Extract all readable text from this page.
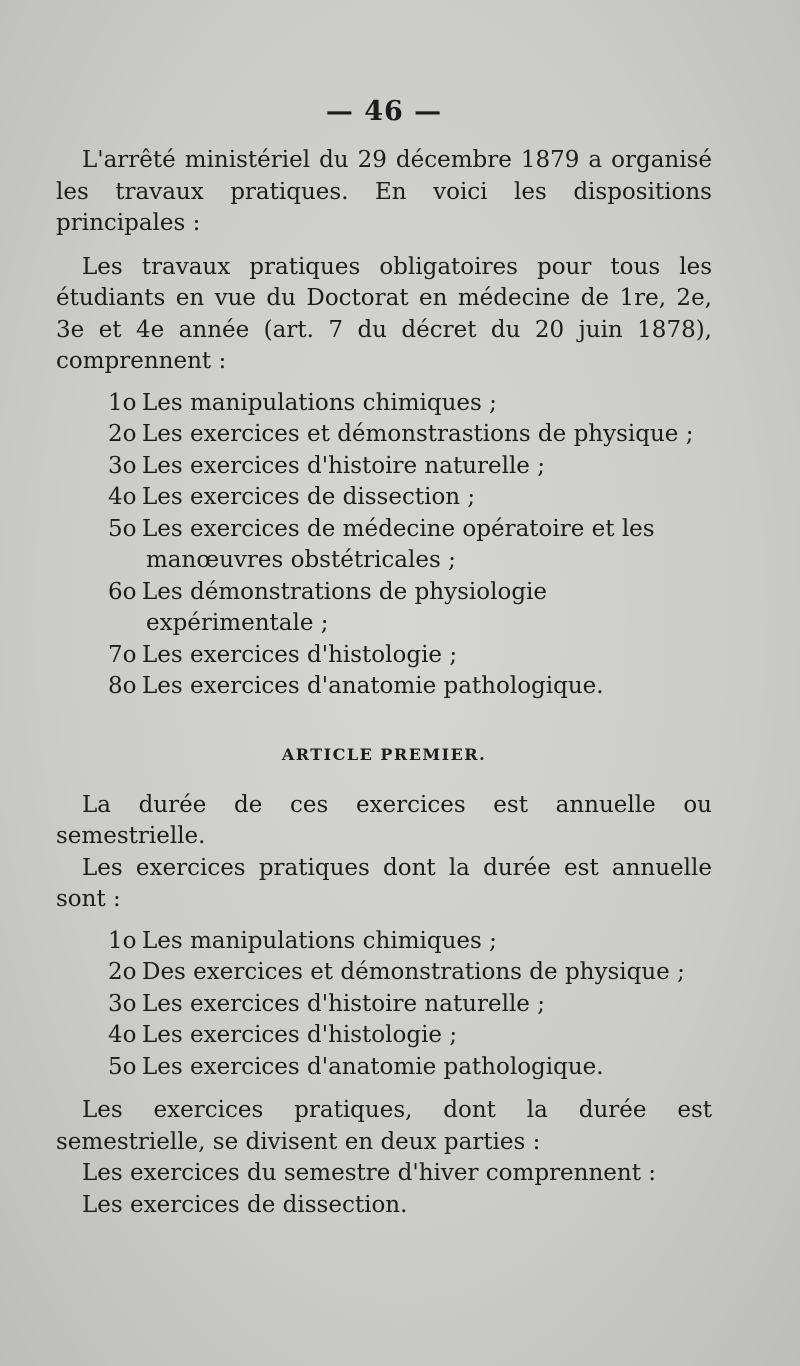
— 46 —

L'arrêté ministériel du 29 décembre 1879 a organisé les travaux pratiques. En voici les dispositions principales :

Les travaux pratiques obligatoires pour tous les étudiants en vue du Doctorat en médecine de 1re, 2e, 3e et 4e année (art. 7 du décret du 20 juin 1878), comprennent :

1o Les manipulations chimiques ;
2o Les exercices et démonstrastions de physique ;
3o Les exercices d'histoire naturelle ;
4o Les exercices de dissection ;
5o Les exercices de médecine opératoire et les manœuvres obstétricales ;
6o Les démonstrations de physiologie expérimentale ;
7o Les exercices d'histologie ;
8o Les exercices d'anatomie pathologique.
ARTICLE PREMIER.

La durée de ces exercices est annuelle ou semestrielle.

Les exercices pratiques dont la durée est annuelle sont :

1o Les manipulations chimiques ;
2o Des exercices et démonstrations de physique ;
3o Les exercices d'histoire naturelle ;
4o Les exercices d'histologie ;
5o Les exercices d'anatomie pathologique.

Les exercices pratiques, dont la durée est semestrielle, se divisent en deux parties :

Les exercices du semestre d'hiver comprennent :

Les exercices de dissection.
